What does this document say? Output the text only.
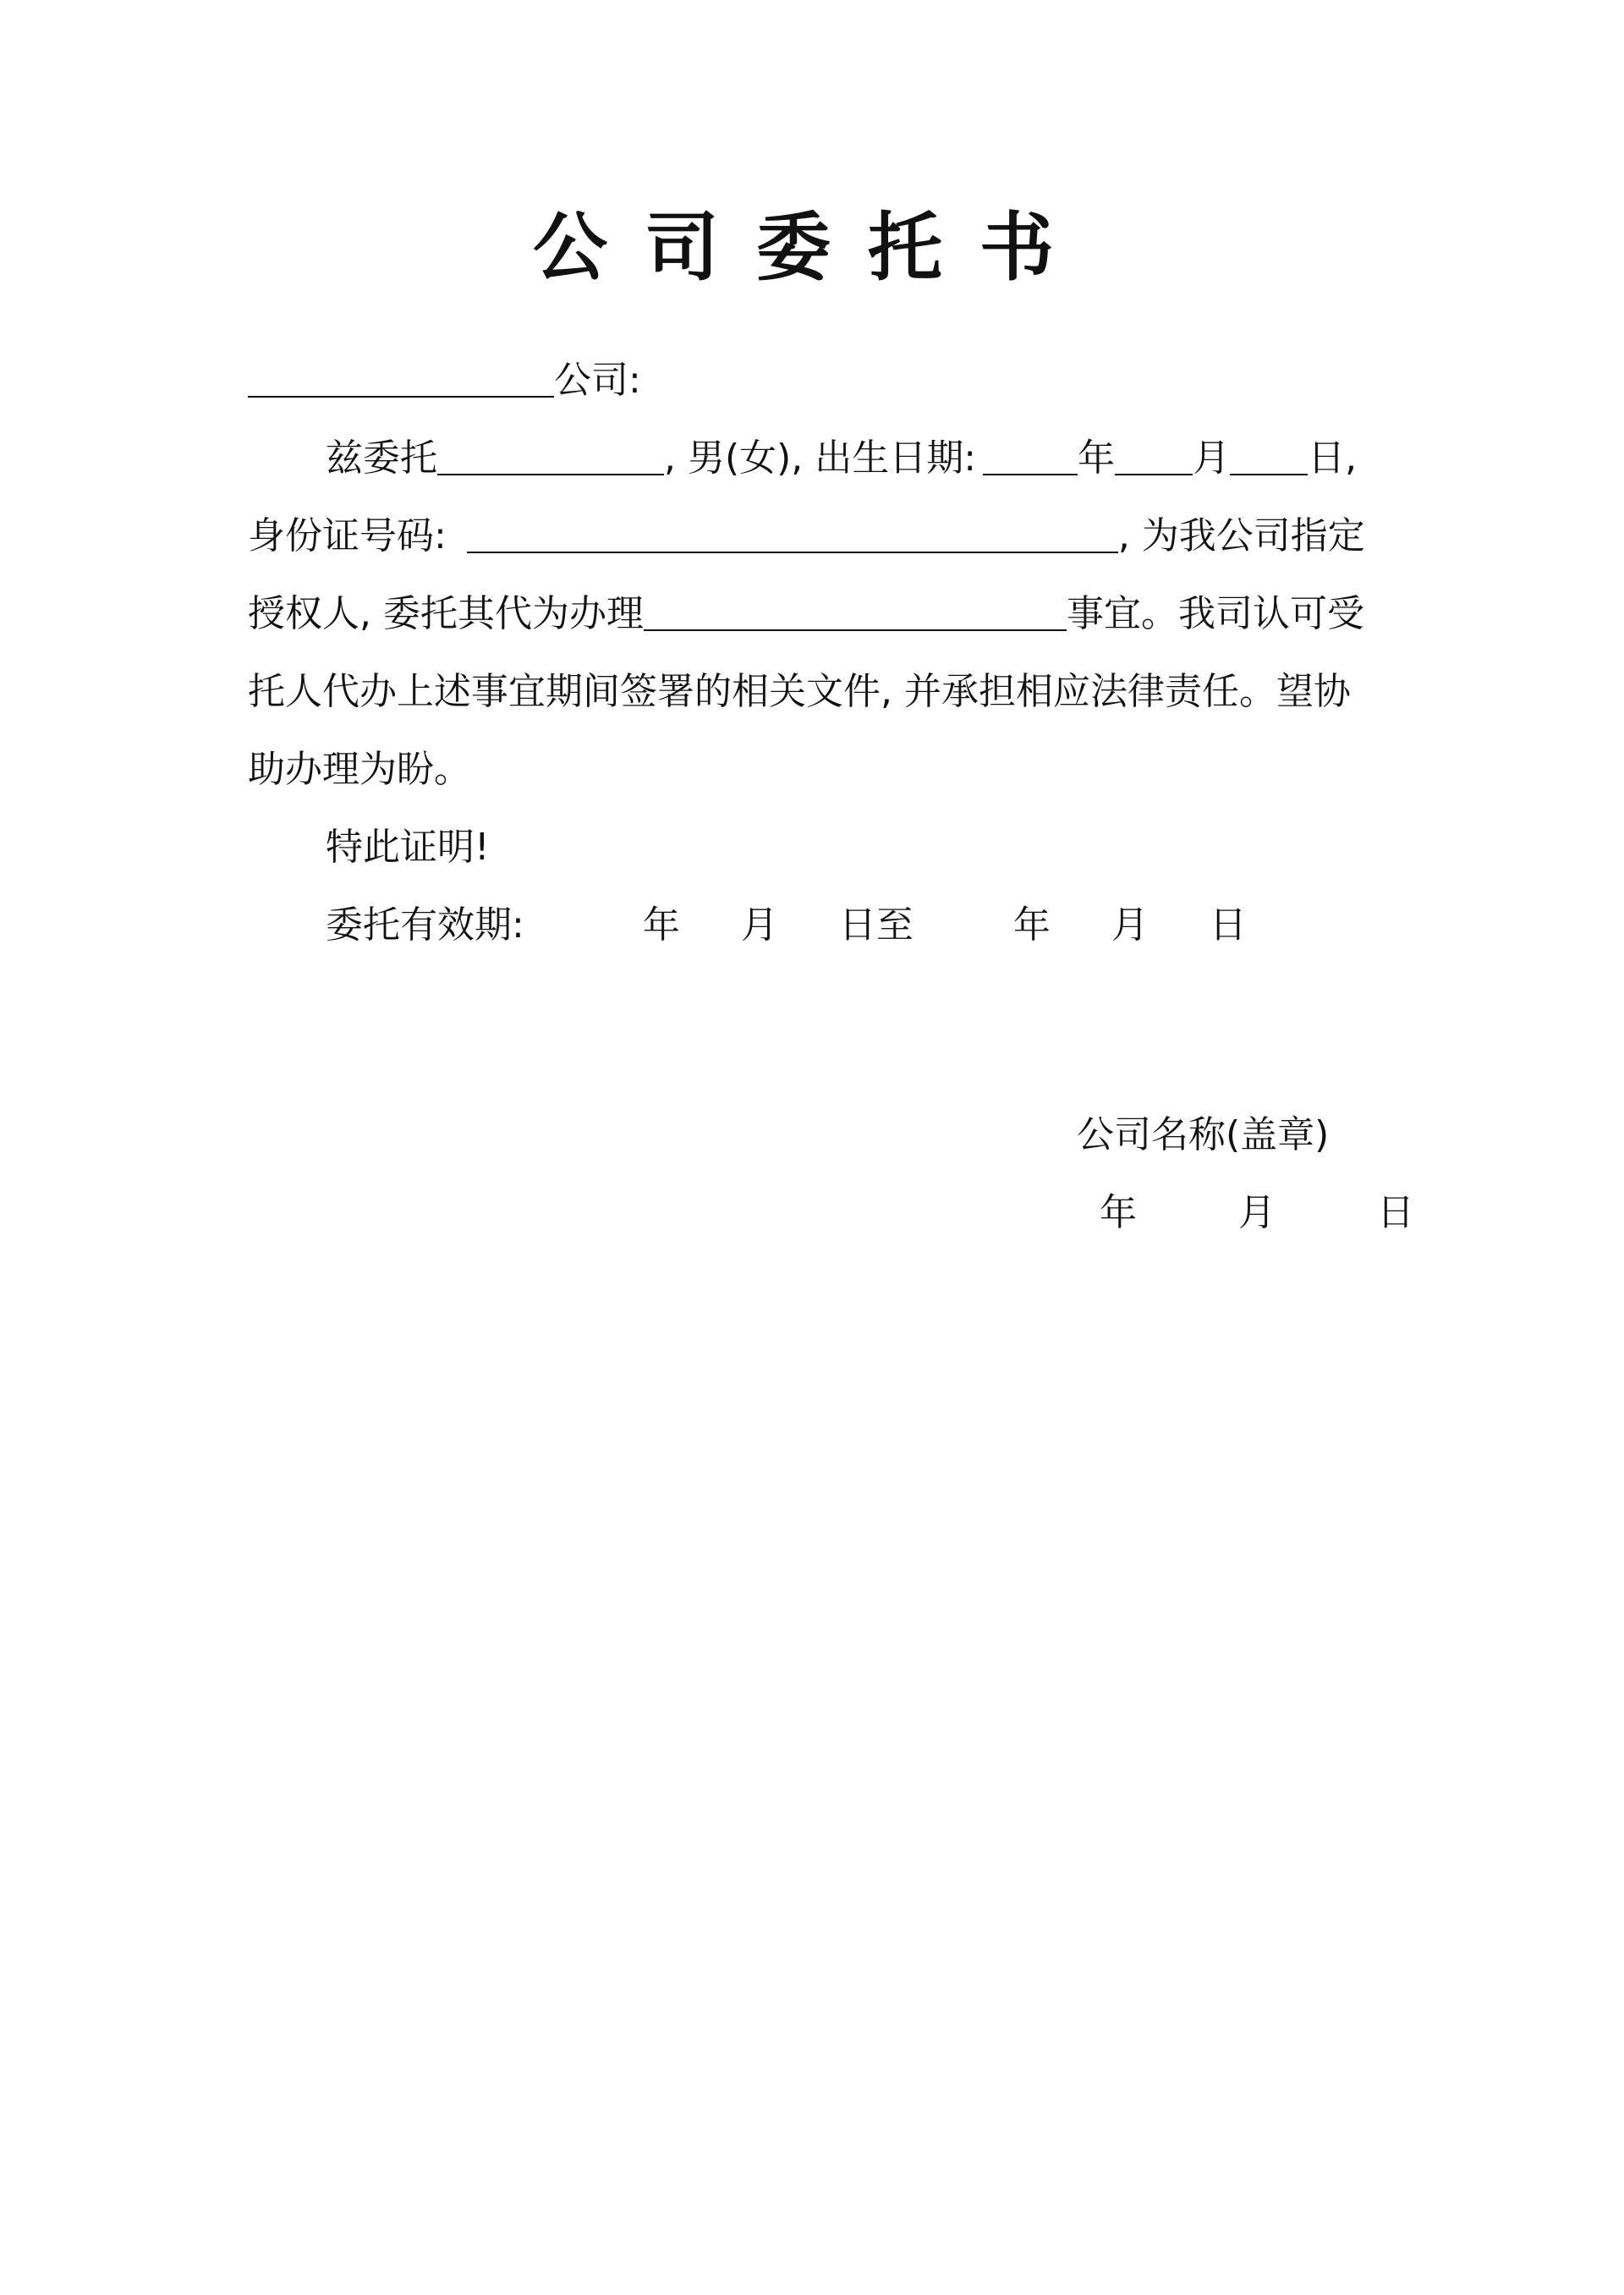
公司委托书
公司:
兹委托	, 男(女), 出生日期:	年 月 日,
身份证号码:	, 为我公司指定
授权人, 委托其代为办理	事宜。我司认可受
托人代办上述事宜期间签署的相关文件, 并承担相应法律责任。望协
助办理为盼。
特此证明!
委托有效期:	年 月 日至	年 月 日
公司名称(盖章)
年	月	日
